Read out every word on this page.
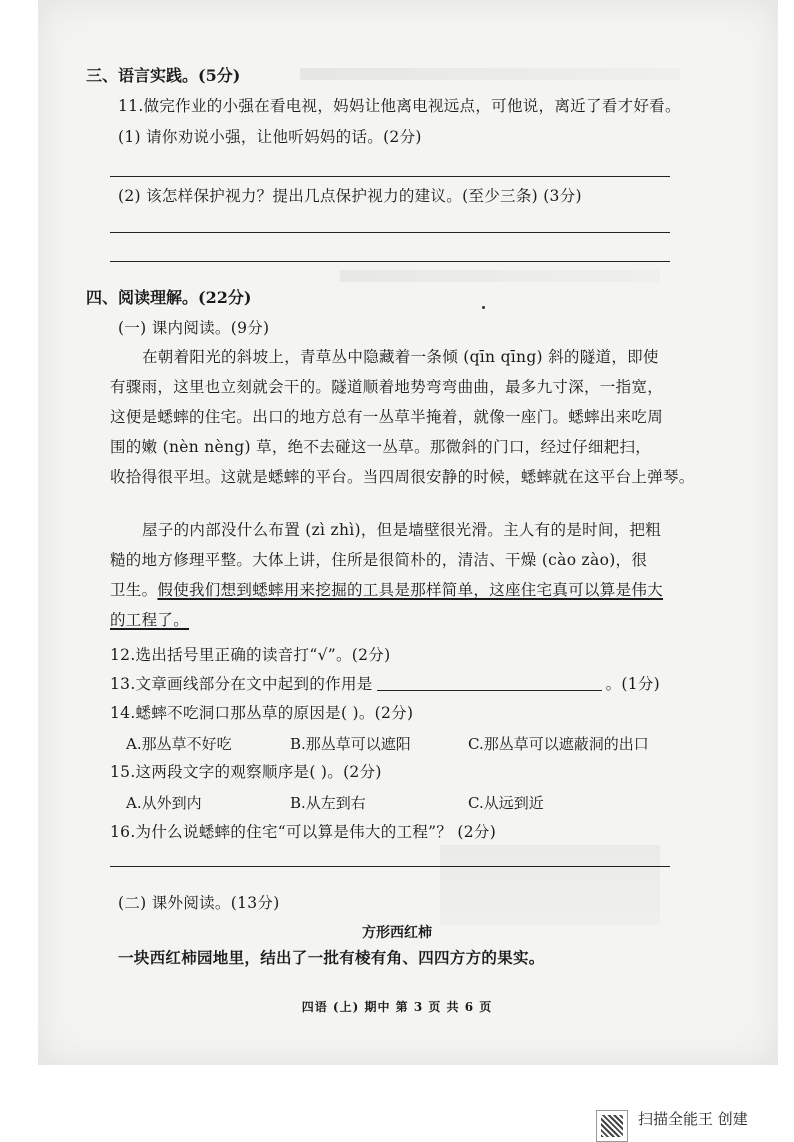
三、语言实践。(5分)
11.做完作业的小强在看电视，妈妈让他离电视远点，可他说，离近了看才好看。
(1) 请你劝说小强，让他听妈妈的话。(2分)
(2) 该怎样保护视力？提出几点保护视力的建议。(至少三条) (3分)
四、阅读理解。(22分)
(一) 课内阅读。(9分)
在朝着阳光的斜坡上，青草丛中隐藏着一条倾 (qīn qīng) 斜的隧道，即使
有骤雨，这里也立刻就会干的。隧道顺着地势弯弯曲曲，最多九寸深，一指宽，
这便是蟋蟀的住宅。出口的地方总有一丛草半掩着，就像一座门。蟋蟀出来吃周
围的嫩 (nèn nèng) 草，绝不去碰这一丛草。那微斜的门口，经过仔细耙扫，
收拾得很平坦。这就是蟋蟀的平台。当四周很安静的时候，蟋蟀就在这平台上弹琴。
屋子的内部没什么布置 (zì zhì)，但是墙壁很光滑。主人有的是时间，把粗
糙的地方修理平整。大体上讲，住所是很简朴的，清洁、干燥 (cào zào)，很
卫生。假使我们想到蟋蟀用来挖掘的工具是那样简单，这座住宅真可以算是伟大
的工程了。
12.选出括号里正确的读音打“√”。(2分)
13.文章画线部分在文中起到的作用是	。(1分)
14.蟋蟀不吃洞口那丛草的原因是( )。(2分)
A.那丛草不好吃	B.那丛草可以遮阳	C.那丛草可以遮蔽洞的出口
15.这两段文字的观察顺序是( )。(2分)
A.从外到内	B.从左到右	C.从远到近
16.为什么说蟋蟀的住宅“可以算是伟大的工程”？ (2分)
(二) 课外阅读。(13分)
方形西红柿
一块西红柿园地里，结出了一批有棱有角、四四方方的果实。
四语 (上) 期中 第 3 页 共 6 页
扫描全能王 创建
